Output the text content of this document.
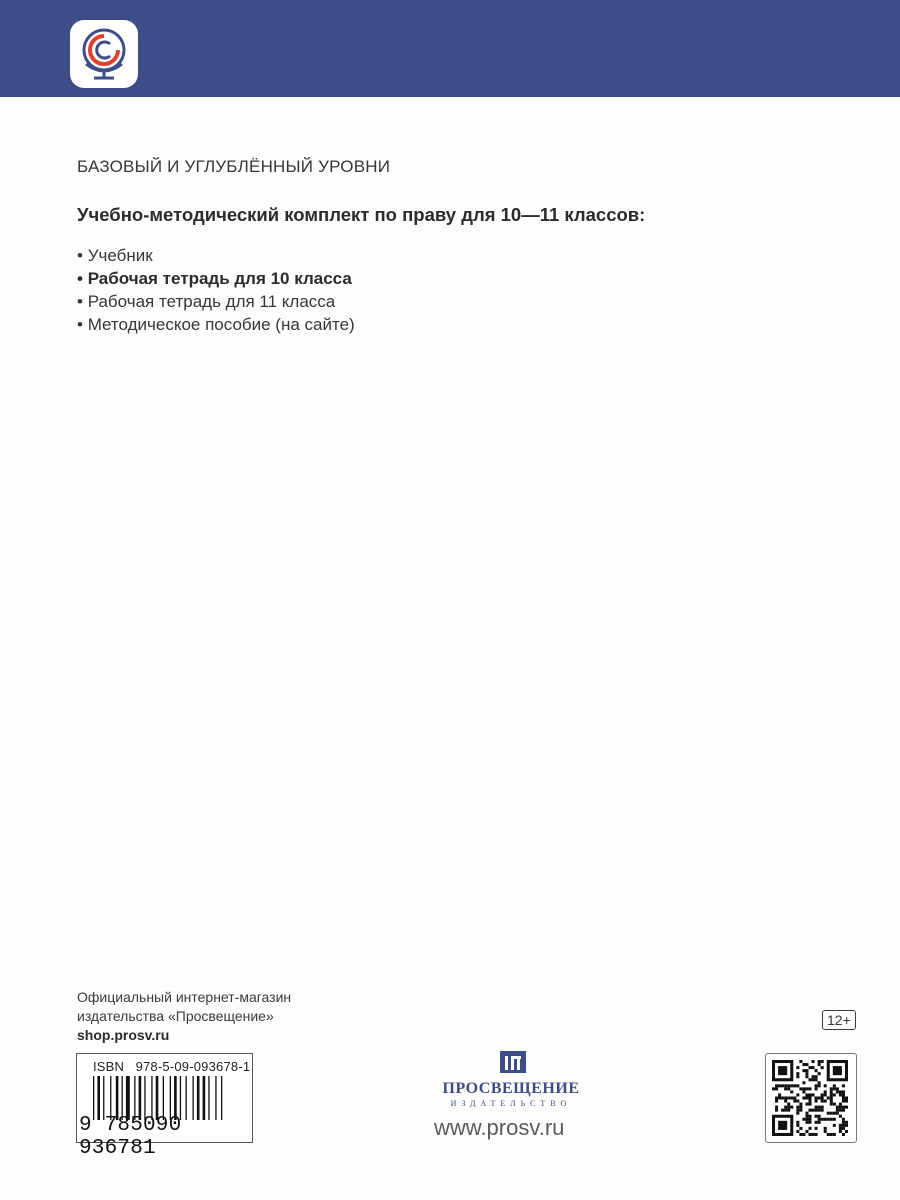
БАЗОВЫЙ И УГЛУБЛЁННЫЙ УРОВНИ
Учебно-методический комплект по праву для 10—11 классов:
• Учебник
• Рабочая тетрадь для 10 класса
• Рабочая тетрадь для 11 класса
• Методическое пособие (на сайте)
Официальный интернет-магазин
издательства «Просвещение»
shop.prosv.ru
12+
ISBN   978-5-09-093678-1
9 785090 936781
ПРОСВЕЩЕНИЕ
ИЗДАТЕЛЬСТВО
www.prosv.ru
